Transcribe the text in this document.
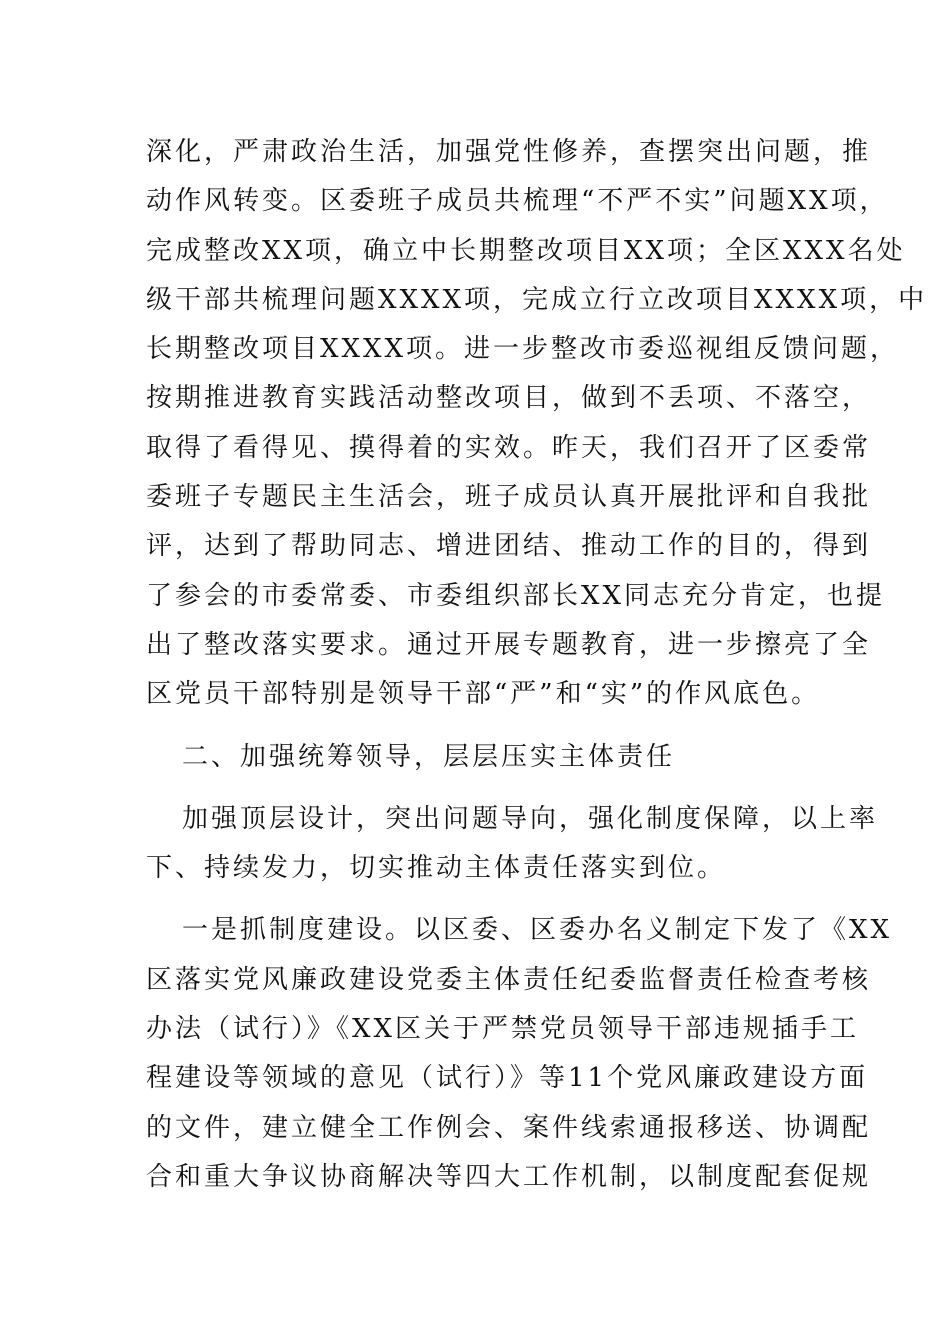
深化，严肃政治生活，加强党性修养，查摆突出问题，推
动作风转变。区委班子成员共梳理“不严不实”问题XX项，
完成整改XX项，确立中长期整改项目XX项；全区XXX名处
级干部共梳理问题XXXX项，完成立行立改项目XXXX项，中
长期整改项目XXXX项。进一步整改市委巡视组反馈问题，
按期推进教育实践活动整改项目，做到不丢项、不落空，
取得了看得见、摸得着的实效。昨天，我们召开了区委常
委班子专题民主生活会，班子成员认真开展批评和自我批
评，达到了帮助同志、增进团结、推动工作的目的，得到
了参会的市委常委、市委组织部长XX同志充分肯定，也提
出了整改落实要求。通过开展专题教育，进一步擦亮了全
区党员干部特别是领导干部“严”和“实”的作风底色。
二、加强统筹领导，层层压实主体责任
加强顶层设计，突出问题导向，强化制度保障，以上率
下、持续发力，切实推动主体责任落实到位。
一是抓制度建设。以区委、区委办名义制定下发了《XX
区落实党风廉政建设党委主体责任纪委监督责任检查考核
办法（试行）》《XX区关于严禁党员领导干部违规插手工
程建设等领域的意见（试行）》等11个党风廉政建设方面
的文件，建立健全工作例会、案件线索通报移送、协调配
合和重大争议协商解决等四大工作机制，以制度配套促规
